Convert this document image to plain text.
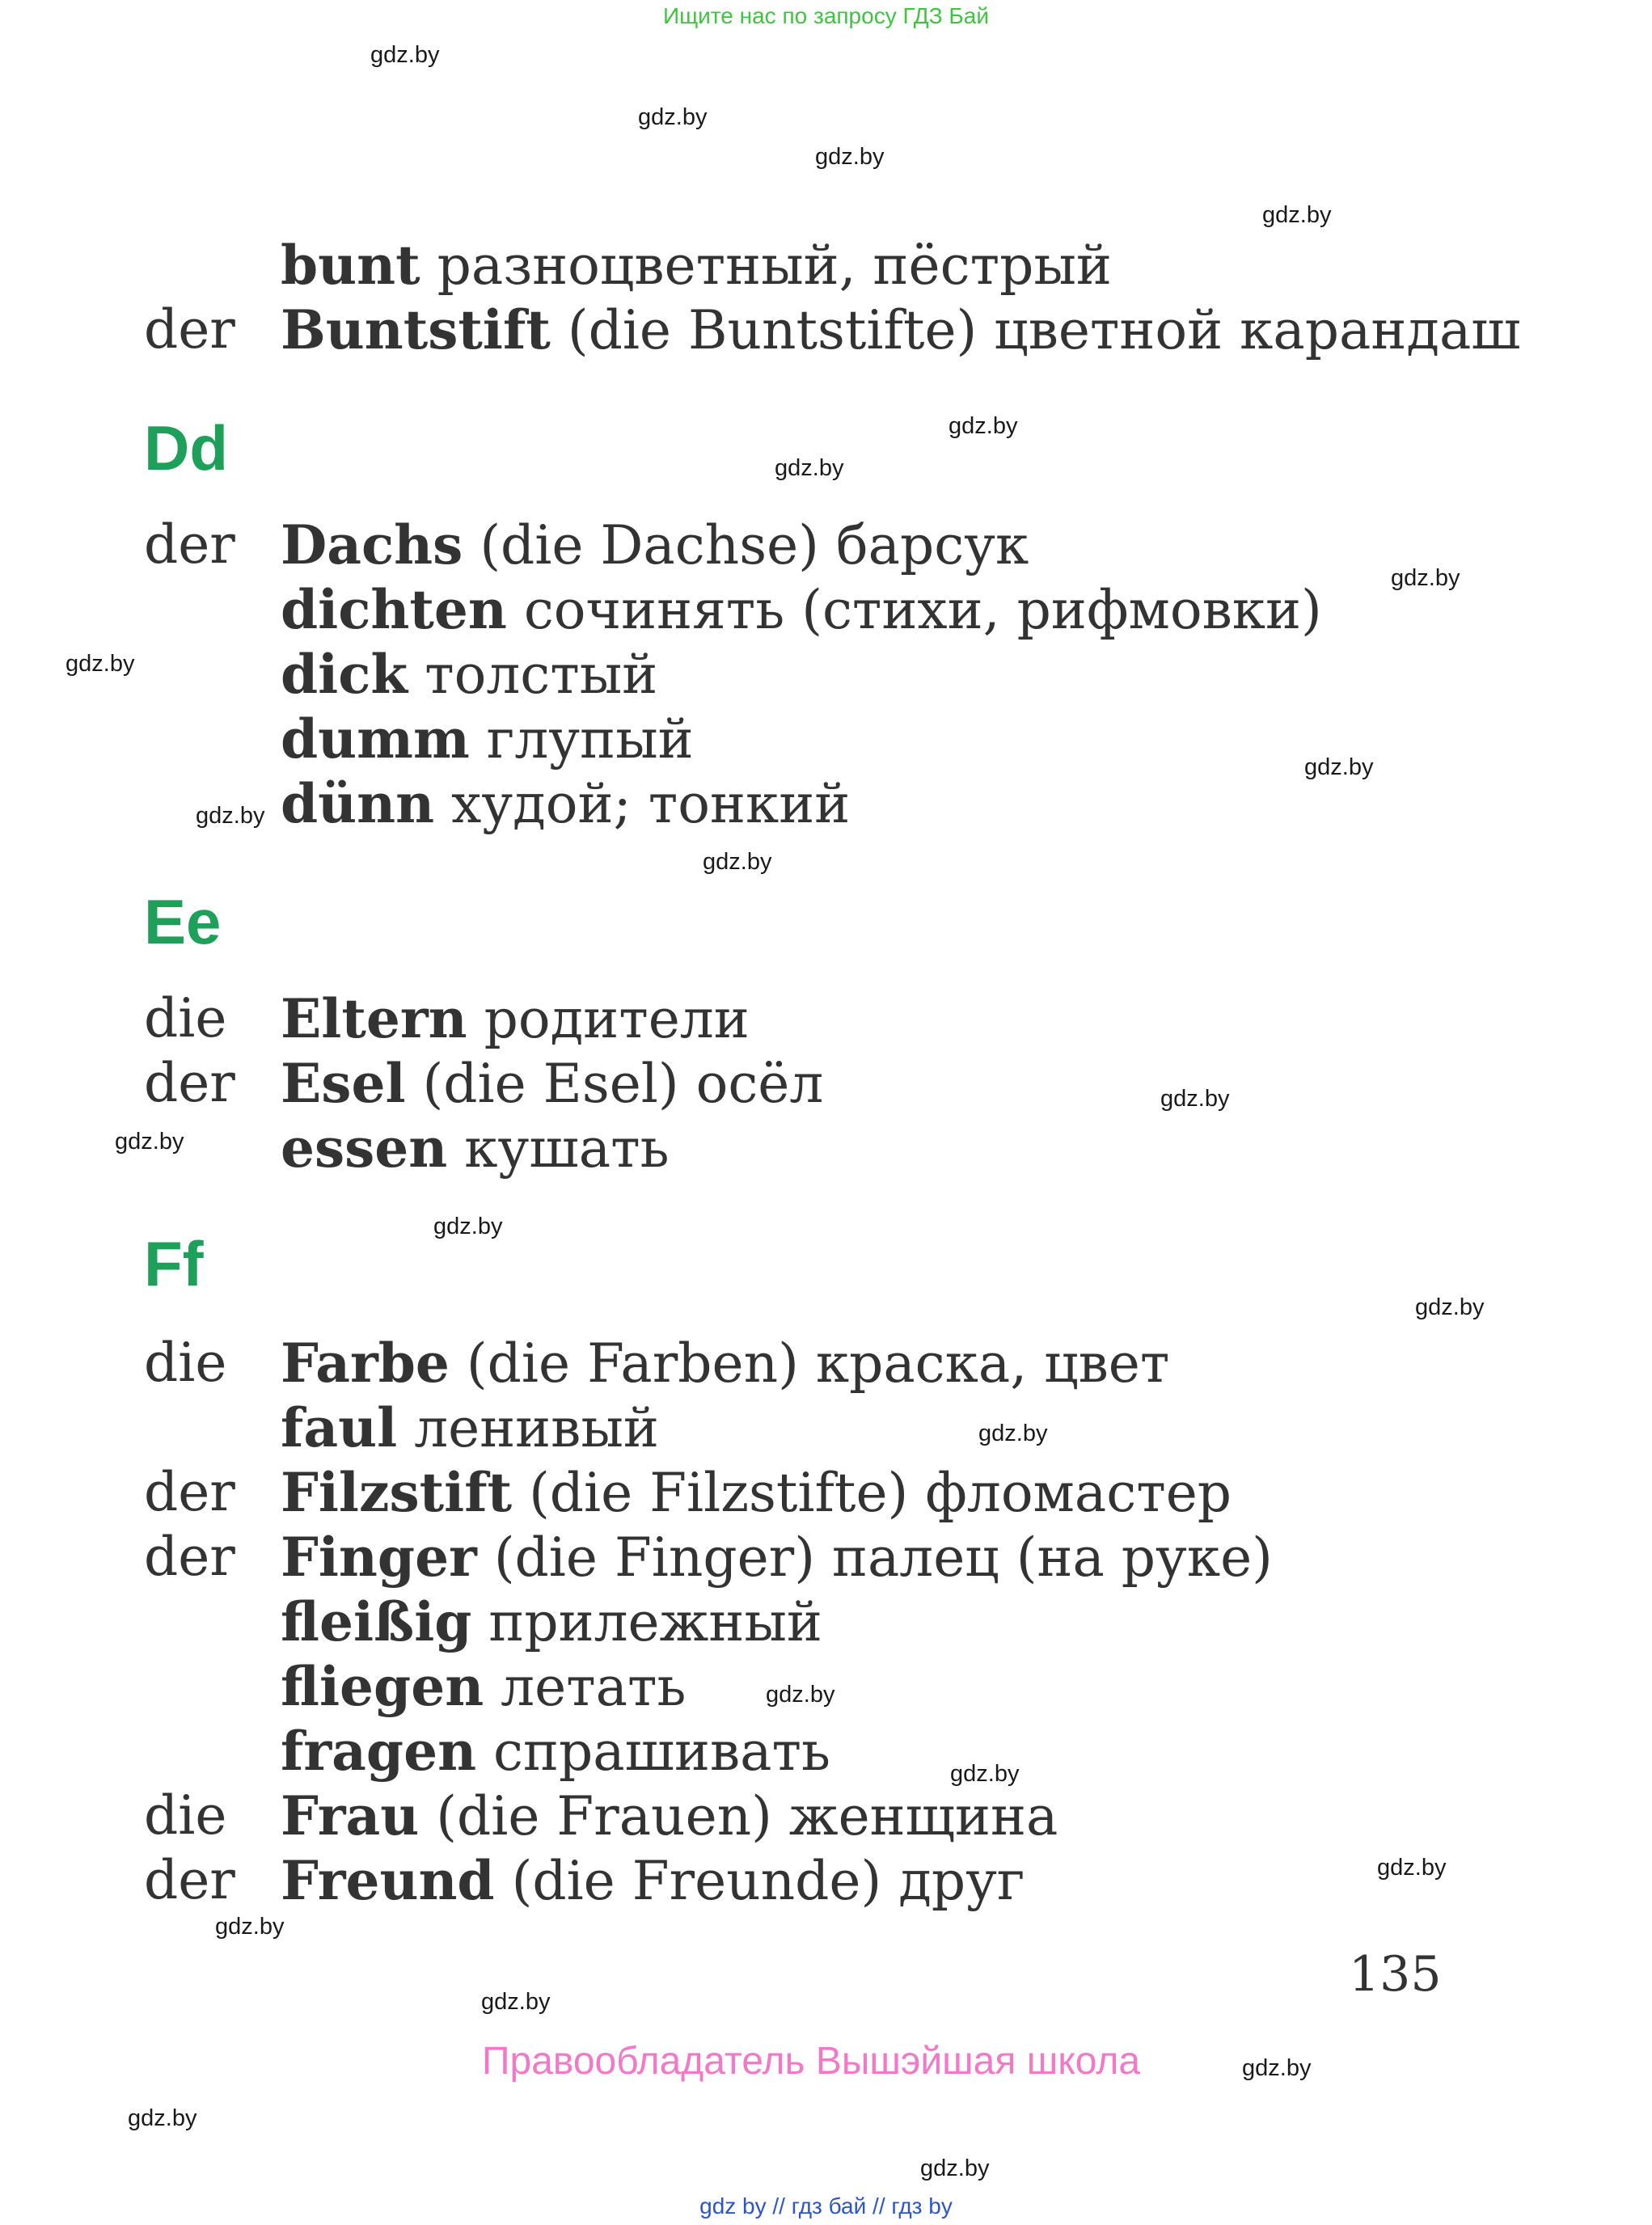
Ищите нас по запросу ГДЗ Бай
gdz.by
gdz.by
gdz.by
gdz.by
gdz.by
gdz.by
gdz.by
gdz.by
gdz.by
gdz.by
gdz.by
gdz.by
gdz.by
gdz.by
gdz.by
gdz.by
gdz.by
gdz.by
gdz.by
gdz.by
gdz.by
gdz.by
gdz.by
gdz.by
Dd
Ee
Ff
bunt разноцветный, пёстрый
der Buntstift (die Buntstifte) цветной карандаш
der Dachs (die Dachse) барсук
dichten сочинять (стихи, рифмовки)
dick толстый
dumm глупый
dünn худой; тонкий
die Eltern родители
der Esel (die Esel) осёл
essen кушать
die Farbe (die Farben) краска, цвет
faul ленивый
der Filzstift (die Filzstifte) фломастер
der Finger (die Finger) палец (на руке)
fleißig прилежный
fliegen летать
fragen спрашивать
die Frau (die Frauen) женщина
der Freund (die Freunde) друг
135
Правообладатель Вышэйшая школа
gdz by // гдз бай // гдз by
